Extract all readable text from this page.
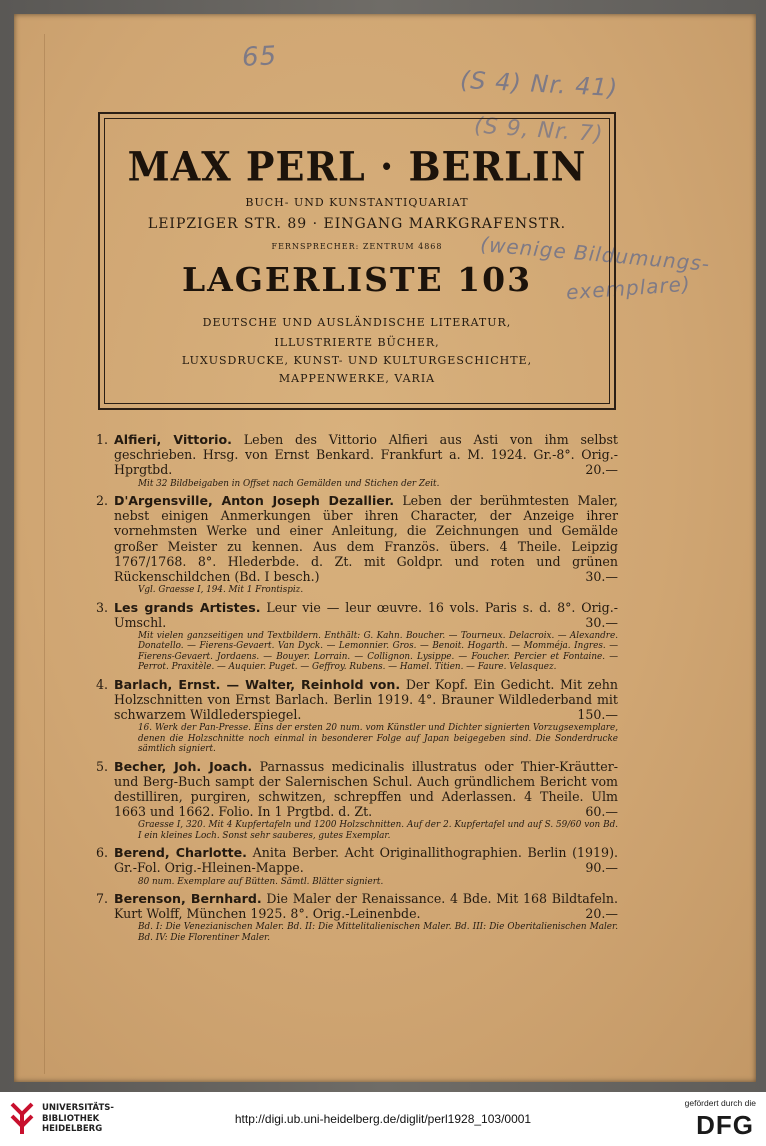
65
(S 4) Nr. 41)
(S 9, Nr. 7)
(wenige Bildumungs-
exemplare)
MAX PERL · BERLIN
BUCH- UND KUNSTANTIQUARIAT
LEIPZIGER STR. 89 · EINGANG MARKGRAFENSTR.
FERNSPRECHER: ZENTRUM 4868
LAGERLISTE 103
DEUTSCHE UND AUSLÄNDISCHE LITERATUR,
ILLUSTRIERTE BÜCHER,
LUXUSDRUCKE, KUNST- UND KULTURGESCHICHTE,
MAPPENWERKE, VARIA
1. Alfieri, Vittorio. Leben des Vittorio Alfieri aus Asti von ihm selbst geschrieben. Hrsg. von Ernst Benkard. Frankfurt a. M. 1924. Gr.-8°. Orig.-Hprgtbd.	20.—
Mit 32 Bildbeigaben in Offset nach Gemälden und Stichen der Zeit.
2. D'Argensville, Anton Joseph Dezallier. Leben der berühmtesten Maler, nebst einigen Anmerkungen über ihren Character, der Anzeige ihrer vornehmsten Werke und einer Anleitung, die Zeichnungen und Gemälde großer Meister zu kennen. Aus dem Französ. übers. 4 Theile. Leipzig 1767/1768. 8°. Hlederbde. d. Zt. mit Goldpr. und roten und grünen Rückenschildchen (Bd. I besch.)	30.—
Vgl. Graesse I, 194. Mit 1 Frontispiz.
3. Les grands Artistes. Leur vie — leur œuvre. 16 vols. Paris s. d. 8°. Orig.-Umschl.	30.—
Mit vielen ganzseitigen und Textbildern. Enthält: G. Kahn. Boucher. — Tourneux. Delacroix. — Alexandre. Donatello. — Fierens-Gevaert. Van Dyck. — Lemonnier. Gros. — Benoit. Hogarth. — Momméja. Ingres. — Fierens-Gevaert. Jordaens. — Bouyer. Lorrain. — Collignon. Lysippe. — Foucher. Percier et Fontaine. — Perrot. Praxitèle. — Auquier. Puget. — Geffroy. Rubens. — Hamel. Titien. — Faure. Velasquez.
4. Barlach, Ernst. — Walter, Reinhold von. Der Kopf. Ein Gedicht. Mit zehn Holzschnitten von Ernst Barlach. Berlin 1919. 4°. Brauner Wildlederband mit schwarzem Wildlederspiegel.	150.—
16. Werk der Pan-Presse. Eins der ersten 20 num. vom Künstler und Dichter signierten Vorzugsexemplare, denen die Holzschnitte noch einmal in besonderer Folge auf Japan beigegeben sind. Die Sonderdrucke sämtlich signiert.
5. Becher, Joh. Joach. Parnassus medicinalis illustratus oder Thier-Kräutter- und Berg-Buch sampt der Salernischen Schul. Auch gründlichem Bericht vom destilliren, purgiren, schwitzen, schrepffen und Aderlassen. 4 Theile. Ulm 1663 und 1662. Folio. In 1 Prgtbd. d. Zt.	60.—
Graesse I, 320. Mit 4 Kupfertafeln und 1200 Holzschnitten. Auf der 2. Kupfertafel und auf S. 59/60 von Bd. I ein kleines Loch. Sonst sehr sauberes, gutes Exemplar.
6. Berend, Charlotte. Anita Berber. Acht Originallithographien. Berlin (1919). Gr.-Fol. Orig.-Hleinen-Mappe.	90.—
80 num. Exemplare auf Bütten. Sämtl. Blätter signiert.
7. Berenson, Bernhard. Die Maler der Renaissance. 4 Bde. Mit 168 Bildtafeln. Kurt Wolff, München 1925. 8°. Orig.-Leinenbde.	20.—
Bd. I: Die Venezianischen Maler. Bd. II: Die Mittelitalienischen Maler. Bd. III: Die Oberitalienischen Maler. Bd. IV: Die Florentiner Maler.
UNIVERSITÄTS-
BIBLIOTHEK
HEIDELBERG
http://digi.ub.uni-heidelberg.de/diglit/perl1928_103/0001
gefördert durch die
DFG
